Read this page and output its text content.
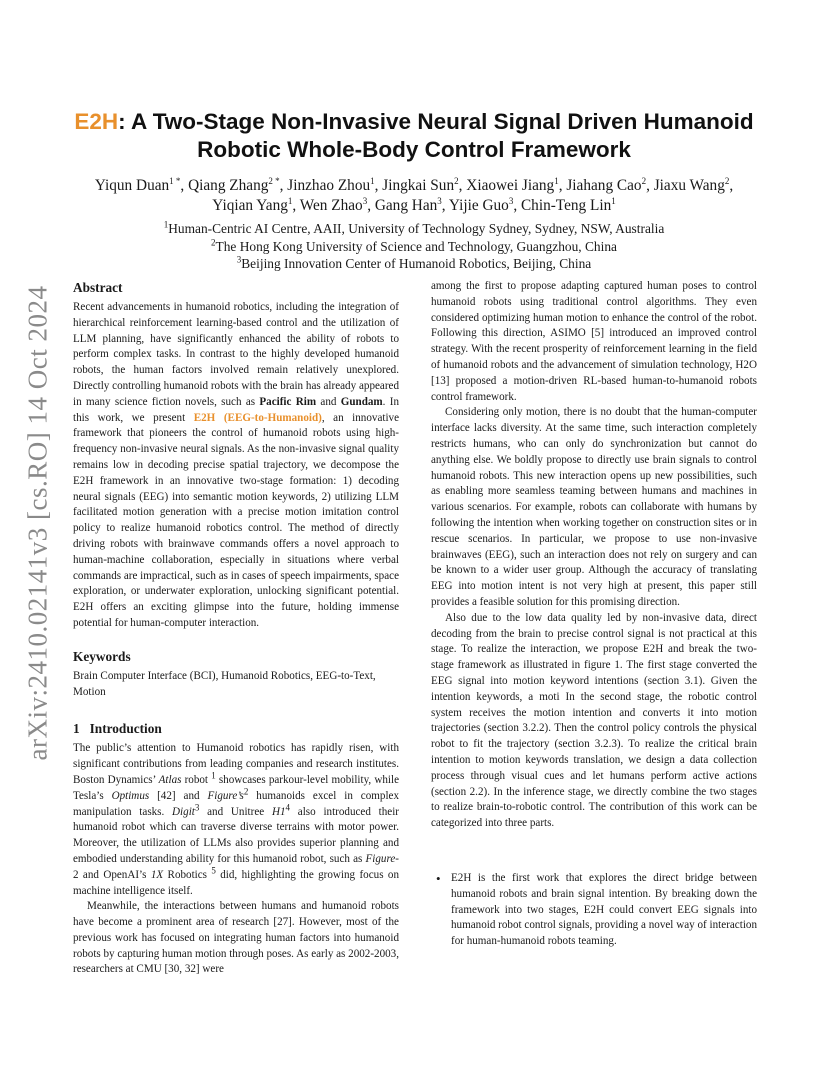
arXiv:2410.02141v3 [cs.RO] 14 Oct 2024
E2H: A Two-Stage Non-Invasive Neural Signal Driven Humanoid Robotic Whole-Body Control Framework
Yiqun Duan$^{1 *}$, Qiang Zhang$^{2 *}$, Jinzhao Zhou$^1$, Jingkai Sun$^2$, Xiaowei Jiang$^1$, Jiahang Cao$^2$, Jiaxu Wang$^2$, Yiqian Yang$^1$, Wen Zhao$^3$, Gang Han$^3$, Yijie Guo$^3$, Chin-Teng Lin$^1$
$^1$Human-Centric AI Centre, AAII, University of Technology Sydney, Sydney, NSW, Australia
$^2$The Hong Kong University of Science and Technology, Guangzhou, China
$^3$Beijing Innovation Center of Humanoid Robotics, Beijing, China
Abstract

Recent advancements in humanoid robotics, including the integration of hierarchical reinforcement learning-based control and the utilization of LLM planning, have significantly enhanced the ability of robots to perform complex tasks. In contrast to the highly developed humanoid robots, the human factors involved remain relatively unexplored. Directly controlling humanoid robots with the brain has already appeared in many science fiction novels, such as Pacific Rim and Gundam. In this work, we present E2H (EEG-to-Humanoid), an innovative framework that pioneers the control of humanoid robots using high-frequency non-invasive neural signals. As the non-invasive signal quality remains low in decoding precise spatial trajectory, we decompose the E2H framework in an innovative two-stage formation: 1) decoding neural signals (EEG) into semantic motion keywords, 2) utilizing LLM facilitated motion generation with a precise motion imitation control policy to realize humanoid robotics control. The method of directly driving robots with brainwave commands offers a novel approach to human-machine collaboration, especially in situations where verbal commands are impractical, such as in cases of speech impairments, space exploration, or underwater exploration, unlocking significant potential. E2H offers an exciting glimpse into the future, holding immense potential for human-computer interaction.

Keywords

Brain Computer Interface (BCI), Humanoid Robotics, EEG-to-Text, Motion

1   Introduction

The public’s attention to Humanoid robotics has rapidly risen, with significant contributions from leading companies and research institutes. Boston Dynamics’ Atlas robot $^1$ showcases parkour-level mobility, while Tesla’s Optimus [42] and $Figure’s^2$ humanoids excel in complex manipulation tasks. Digit$^3$ and Unitree $H1^4$ also introduced their humanoid robot which can traverse diverse terrains with motor power. Moreover, the utilization of LLMs also provides superior planning and embodied understanding ability for this humanoid robot, such as Figure-2 and OpenAI’s 1X Robotics $^5$ did, highlighting the growing focus on machine intelligence itself.

Meanwhile, the interactions between humans and humanoid robots have become a prominent area of research [27]. However, most of the previous work has focused on integrating human factors into humanoid robots by capturing human motion through poses. As early as 2002-2003, researchers at CMU [30, 32] were

among the first to propose adapting captured human poses to control humanoid robots using traditional control algorithms. They even considered optimizing human motion to enhance the control of the robot. Following this direction, ASIMO [5] introduced an improved control strategy. With the recent prosperity of reinforcement learning in the field of humanoid robots and the advancement of simulation technology, H2O [13] proposed a motion-driven RL-based human-to-humanoid robots control framework.

Considering only motion, there is no doubt that the human-computer interface lacks diversity. At the same time, such interaction completely restricts humans, who can only do synchronization but cannot do anything else. We boldly propose to directly use brain signals to control humanoid robots. This new interaction opens up new possibilities, such as enabling more seamless teaming between humans and machines in various scenarios. For example, robots can collaborate with humans by following the intention when working together on construction sites or in rescue scenarios. In particular, we propose to use non-invasive brainwaves (EEG), such an interaction does not rely on surgery and can be known to a wider user group. Although the accuracy of translating EEG into motion intent is not very high at present, this paper still provides a feasible solution for this promising direction.

Also due to the low data quality led by non-invasive data, direct decoding from the brain to precise control signal is not practical at this stage. To realize the interaction, we propose E2H and break the two-stage framework as illustrated in figure 1. The first stage converted the EEG signal into motion keyword intentions (section 3.1). Given the intention keywords, a moti In the second stage, the robotic control system receives the motion intention and converts it into motion trajectories (section 3.2.2). Then the control policy controls the physical robot to fit the trajectory (section 3.2.3). To realize the critical brain intention to motion keywords translation, we design a data collection process through visual cues and let humans perform active actions (section 2.2). In the inference stage, we directly combine the two stages to realize brain-to-robotic control. The contribution of this work can be categorized into three parts.

• E2H is the first work that explores the direct bridge between humanoid robots and brain signal intention. By breaking down the framework into two stages, E2H could convert EEG signals into humanoid robot control signals, providing a novel way of interaction for human-humanoid robots teaming.
